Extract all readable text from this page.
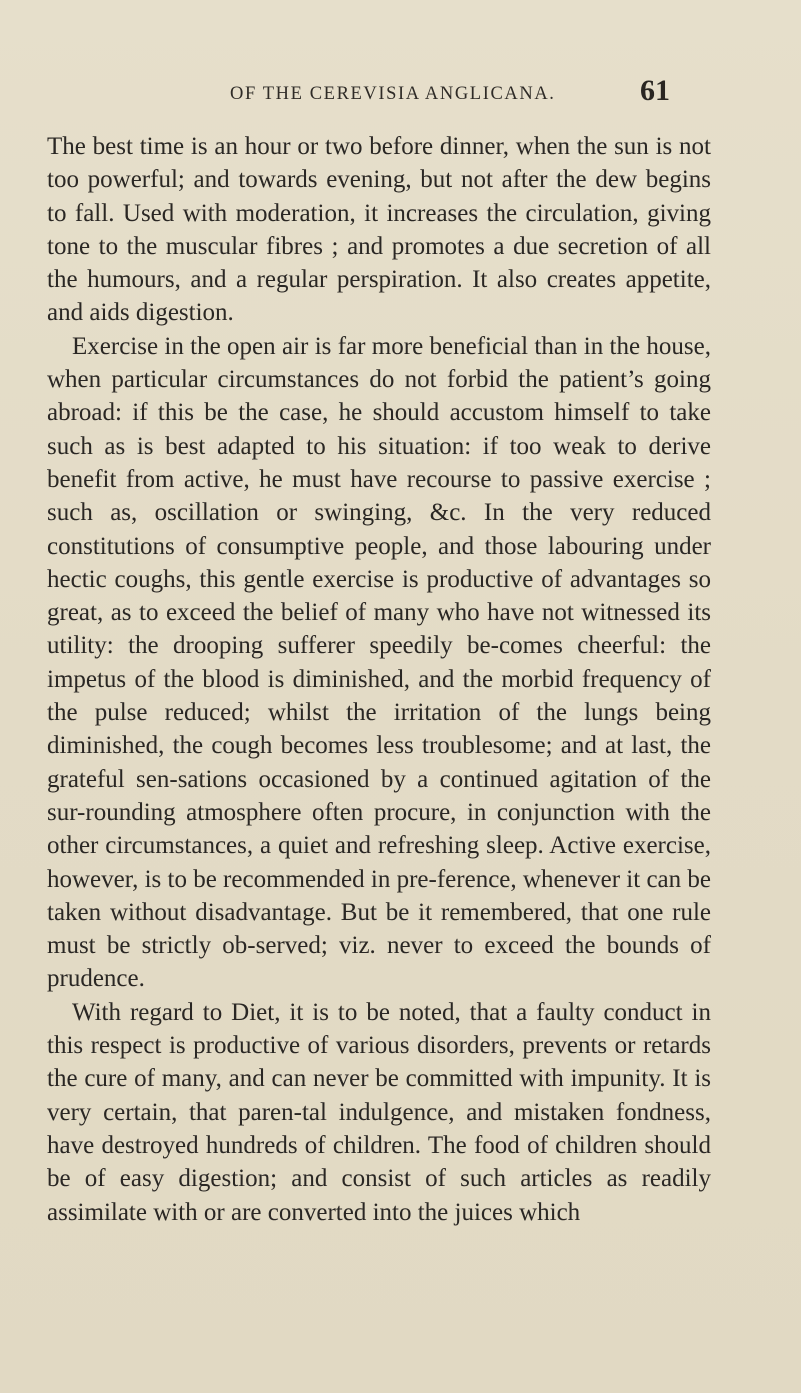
OF THE CEREVISIA ANGLICANA.	61

The best time is an hour or two before dinner, when the sun is not too powerful; and towards evening, but not after the dew begins to fall. Used with moderation, it increases the circulation, giving tone to the muscular fibres ; and promotes a due secretion of all the humours, and a regular perspiration. It also creates appetite, and aids digestion.

Exercise in the open air is far more beneficial than in the house, when particular circumstances do not forbid the patient’s going abroad: if this be the case, he should accustom himself to take such as is best adapted to his situation: if too weak to derive benefit from active, he must have recourse to passive exercise ; such as, oscillation or swinging, &c. In the very reduced constitutions of consumptive people, and those labouring under hectic coughs, this gentle exercise is productive of advantages so great, as to exceed the belief of many who have not witnessed its utility: the drooping sufferer speedily be-comes cheerful: the impetus of the blood is diminished, and the morbid frequency of the pulse reduced; whilst the irritation of the lungs being diminished, the cough becomes less troublesome; and at last, the grateful sen-sations occasioned by a continued agitation of the sur-rounding atmosphere often procure, in conjunction with the other circumstances, a quiet and refreshing sleep. Active exercise, however, is to be recommended in pre-ference, whenever it can be taken without disadvantage. But be it remembered, that one rule must be strictly ob-served; viz. never to exceed the bounds of prudence.

With regard to Diet, it is to be noted, that a faulty conduct in this respect is productive of various disorders, prevents or retards the cure of many, and can never be committed with impunity. It is very certain, that paren-tal indulgence, and mistaken fondness, have destroyed hundreds of children. The food of children should be of easy digestion; and consist of such articles as readily assimilate with or are converted into the juices which
